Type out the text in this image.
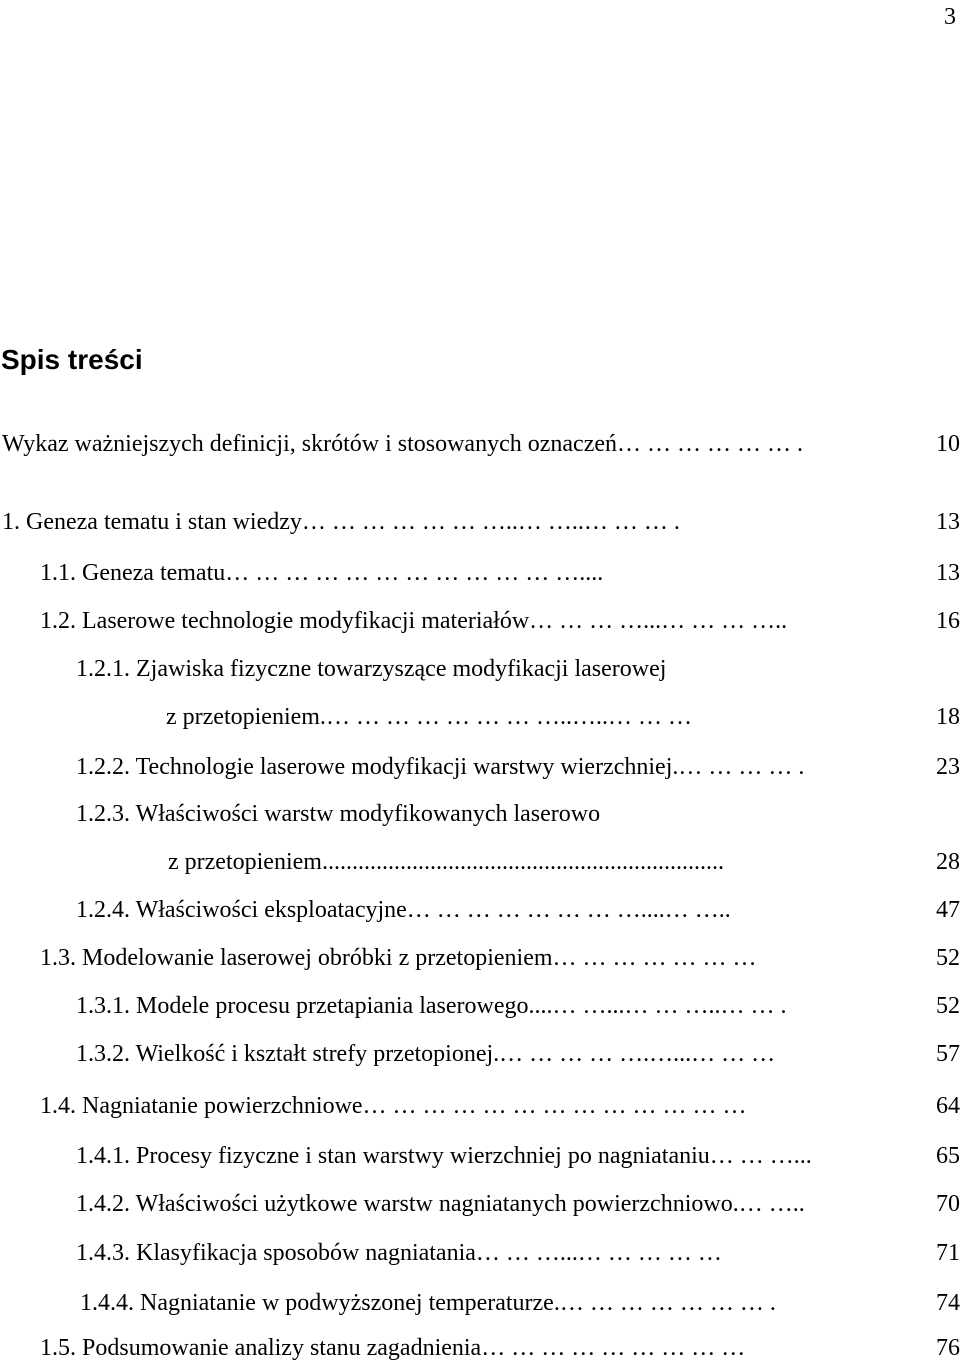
3
Spis treści
Wykaz ważniejszych definicji, skrótów i stosowanych oznaczeń … … … … … … .	10
1. Geneza tematu i stan wiedzy … … … … … … …..… …..… … … .	13
1.1. Geneza tematu … … … … … … … … … … … …....	13
1.2. Laserowe technologie modyfikacji materiałów … … … …...… … … …..	16
1.2.1. Zjawiska fizyczne towarzyszące modyfikacji laserowej
z przetopieniem. … … … … … … … …..…..… … …	18
1.2.2. Technologie laserowe modyfikacji warstwy wierzchniej .… … … … .	23
1.2.3. Właściwości warstw modyfikowanych laserowo
z przetopieniem ...................................................................	28
1.2.4. Właściwości eksploatacyjne … … … … … … … …....… …..	47
1.3. Modelowanie laserowej obróbki z przetopieniem … … … … … … …	52
1.3.1. Modele procesu przetapiania laserowego ....… …...… … …..… … .	52
1.3.2. Wielkość i kształt strefy przetopionej .… … … … ….…...… … …	57
1.4. Nagniatanie powierzchniowe … … … … … … … … … … … … …	64
1.4.1. Procesy fizyczne i stan warstwy wierzchniej po nagniataniu … … …...	65
1.4.2. Właściwości użytkowe warstw nagniatanych powierzchniowo .… …..	70
1.4.3. Klasyfikacja sposobów nagniatania … … …...… … … … …	71
1.4.4. Nagniatanie w podwyższonej temperaturze .… … … … … … … .	74
1.5. Podsumowanie analizy stanu zagadnienia … … … … … … … … …	76
